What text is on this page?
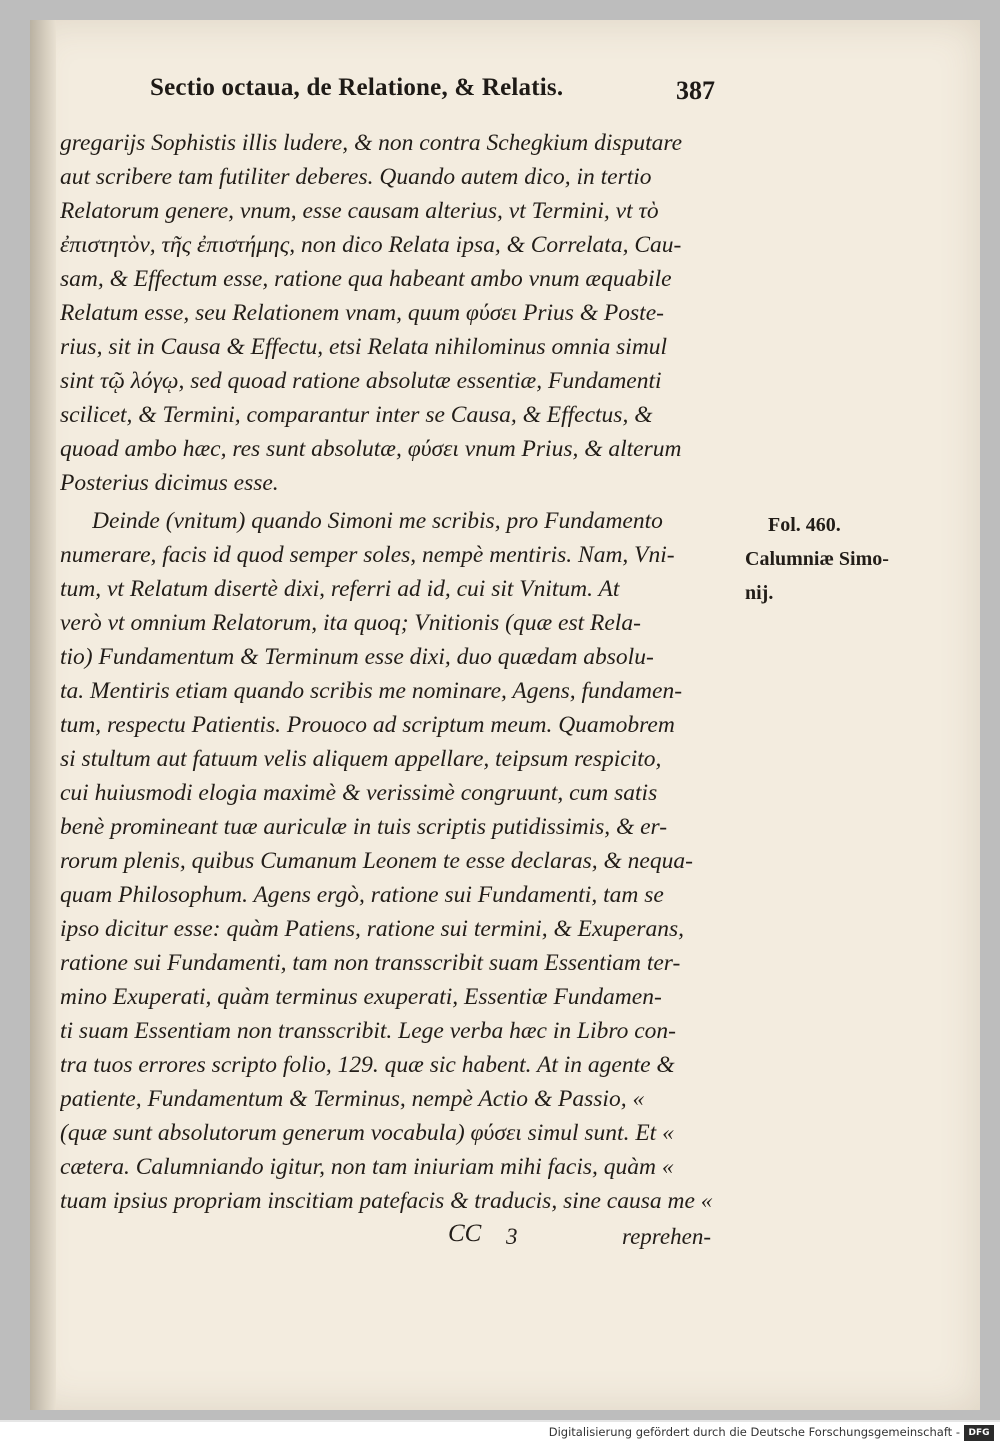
Sectio octaua, de Relatione, & Relatis.	387
gregarijs Sophistis illis ludere, & non contra Schegkium disputare
aut scribere tam futiliter deberes. Quando autem dico, in tertio
Relatorum genere, vnum, esse causam alterius, vt Termini, vt τὸ
ἐπιστητὸν, τῆς ἐπιστήμης, non dico Relata ipsa, & Correlata, Cau-
sam, & Effectum esse, ratione qua habeant ambo vnum æquabile
Relatum esse, seu Relationem vnam, quum φύσει Prius & Poste-
rius, sit in Causa & Effectu, etsi Relata nihilominus omnia simul
sint τῷ λόγῳ, sed quoad ratione absolutæ essentiæ, Fundamenti
scilicet, & Termini, comparantur inter se Causa, & Effectus, &
quoad ambo hæc, res sunt absolutæ, φύσει vnum Prius, & alterum
Posterius dicimus esse.
Deinde (vnitum) quando Simoni me scribis, pro Fundamento
numerare, facis id quod semper soles, nempè mentiris. Nam, Vni-
tum, vt Relatum disertè dixi, referri ad id, cui sit Vnitum. At
verò vt omnium Relatorum, ita quoq; Vnitionis (quæ est Rela-
tio) Fundamentum & Terminum esse dixi, duo quædam absolu-
ta. Mentiris etiam quando scribis me nominare, Agens, fundamen-
tum, respectu Patientis. Prouoco ad scriptum meum. Quamobrem
si stultum aut fatuum velis aliquem appellare, teipsum respicito,
cui huiusmodi elogia maximè & verissimè congruunt, cum satis
benè promineant tuæ auriculæ in tuis scriptis putidissimis, & er-
rorum plenis, quibus Cumanum Leonem te esse declaras, & nequa-
quam Philosophum. Agens ergò, ratione sui Fundamenti, tam se
ipso dicitur esse: quàm Patiens, ratione sui termini, & Exuperans,
ratione sui Fundamenti, tam non transscribit suam Essentiam ter-
mino Exuperati, quàm terminus exuperati, Essentiæ Fundamen-
ti suam Essentiam non transscribit. Lege verba hæc in Libro con-
tra tuos errores scripto folio, 129. quæ sic habent. At in agente &
patiente, Fundamentum & Terminus, nempè Actio & Passio, «
(quæ sunt absolutorum generum vocabula) φύσει simul sunt. Et «
cætera. Calumniando igitur, non tam iniuriam mihi facis, quàm «
tuam ipsius propriam inscitiam patefacis & traducis, sine causa me «
Fol. 460.
Calumniæ Simo-
nij.
CC 3	reprehen-
Digitalisierung gefördert durch die Deutsche Forschungsgemeinschaft - DFG
